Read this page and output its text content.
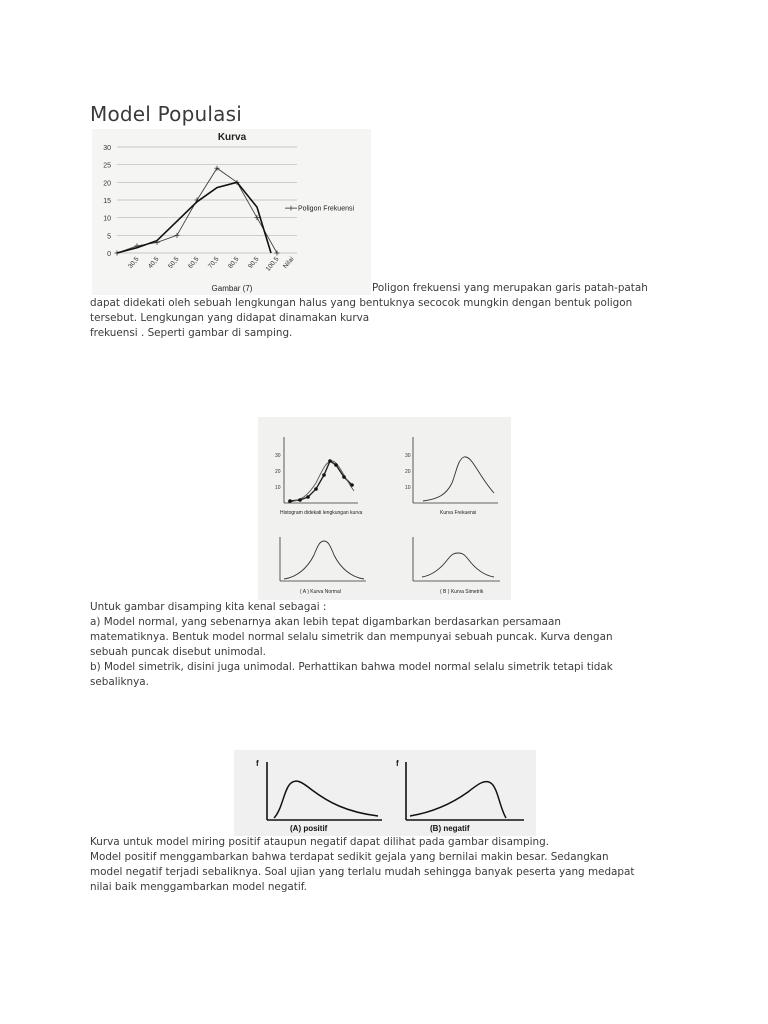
Model Populasi
Kurva
0
5
10
15
20
25
30
30,5 40,5 50,5 60,5 70,5 80,5 90,5 100,5 Nilai
Poligon Frekuensi
Gambar (7)	Poligon frekuensi yang merupakan garis patah-patah
dapat didekati oleh sebuah lengkungan halus yang bentuknya secocok mungkin dengan bentuk poligon
tersebut. Lengkungan yang didapat dinamakan kurva
frekuensi . Seperti gambar di samping.
30
20
10
Histogram didekati lengkungan kurva
30
20
10
Kurva Frekuensi
( A ) Kurva Normal	( B ) Kurva Simetrik
Untuk gambar disamping kita kenal sebagai :
a) Model normal, yang sebenarnya akan lebih tepat digambarkan berdasarkan persamaan
matematiknya. Bentuk model normal selalu simetrik dan mempunyai sebuah puncak. Kurva dengan
sebuah puncak disebut unimodal.
b) Model simetrik, disini juga unimodal. Perhattikan bahwa model normal selalu simetrik tetapi tidak
sebaliknya.
f
(A) positif
f
(B) negatif
Kurva untuk model miring positif ataupun negatif dapat dilihat pada gambar disamping.
Model positif menggambarkan bahwa terdapat sedikit gejala yang bernilai makin besar. Sedangkan
model negatif terjadi sebaliknya. Soal ujian yang terlalu mudah sehingga banyak peserta yang medapat
nilai baik menggambarkan model negatif.
